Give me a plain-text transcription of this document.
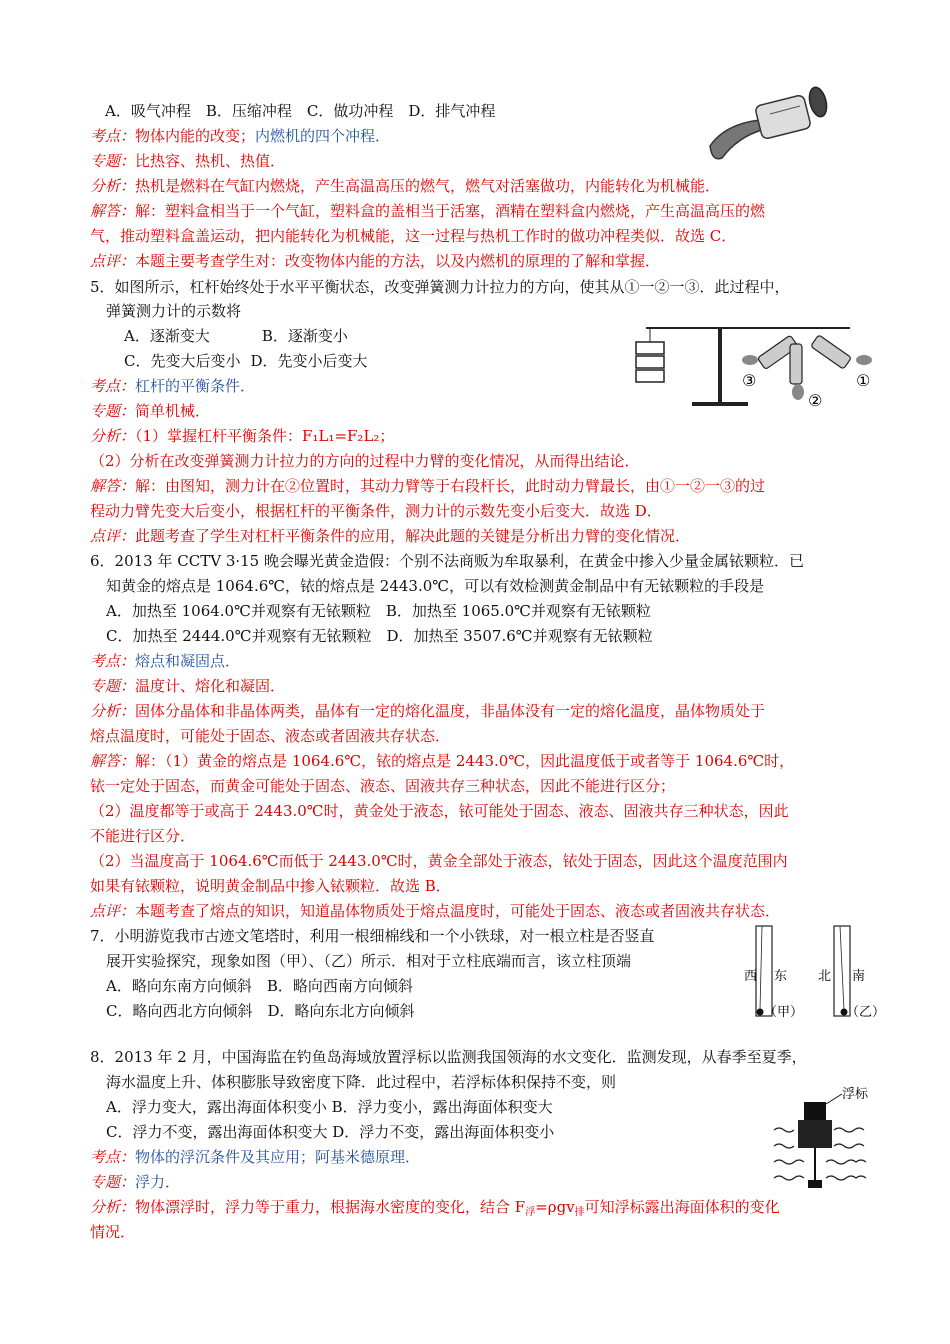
A．吸气冲程　B．压缩冲程　C．做功冲程　D．排气冲程
考点：物体内能的改变；内燃机的四个冲程．
专题：比热容、热机、热值．
分析：热机是燃料在气缸内燃烧，产生高温高压的燃气，燃气对活塞做功，内能转化为机械能．
解答：解：塑料盒相当于一个气缸，塑料盒的盖相当于活塞，酒精在塑料盒内燃烧，产生高温高压的燃
气，推动塑料盒盖运动，把内能转化为机械能，这一过程与热机工作时的做功冲程类似．故选 C．
点评：本题主要考查学生对：改变物体内能的方法，以及内燃机的原理的了解和掌握．
5．如图所示，杠杆始终处于水平平衡状态，改变弹簧测力计拉力的方向，使其从①一②一③．此过程中，
弹簧测力计的示数将
A．逐渐变大	B．逐渐变小
C．先变大后变小 D．先变小后变大
考点：杠杆的平衡条件．
专题：简单机械．
分析：（1）掌握杠杆平衡条件：F₁L₁=F₂L₂；
（2）分析在改变弹簧测力计拉力的方向的过程中力臂的变化情况，从而得出结论．
解答：解：由图知，测力计在②位置时，其动力臂等于右段杆长，此时动力臂最长，由①一②一③的过
程动力臂先变大后变小，根据杠杆的平衡条件，测力计的示数先变小后变大．故选 D．
点评：此题考查了学生对杠杆平衡条件的应用，解决此题的关键是分析出力臂的变化情况．
③
②
①
6．2013 年 CCTV 3·15 晚会曝光黄金造假：个别不法商贩为牟取暴利，在黄金中掺入少量金属铱颗粒．已
知黄金的熔点是 1064.6℃，铱的熔点是 2443.0℃，可以有效检测黄金制品中有无铱颗粒的手段是
A．加热至 1064.0℃并观察有无铱颗粒　B．加热至 1065.0℃并观察有无铱颗粒
C．加热至 2444.0℃并观察有无铱颗粒　D．加热至 3507.6℃并观察有无铱颗粒
考点：熔点和凝固点．
专题：温度计、熔化和凝固．
分析：固体分晶体和非晶体两类，晶体有一定的熔化温度，非晶体没有一定的熔化温度，晶体物质处于
熔点温度时，可能处于固态、液态或者固液共存状态．
解答：解：（1）黄金的熔点是 1064.6℃，铱的熔点是 2443.0℃，因此温度低于或者等于 1064.6℃时，
铱一定处于固态，而黄金可能处于固态、液态、固液共存三种状态，因此不能进行区分；
（2）温度都等于或高于 2443.0℃时，黄金处于液态，铱可能处于固态、液态、固液共存三种状态，因此
不能进行区分．
（2）当温度高于 1064.6℃而低于 2443.0℃时，黄金全部处于液态，铱处于固态，因此这个温度范围内
如果有铱颗粒，说明黄金制品中掺入铱颗粒．故选 B．
点评：本题考查了熔点的知识，知道晶体物质处于熔点温度时，可能处于固态、液态或者固液共存状态．
7．小明游览我市古迹文笔塔时，利用一根细棉线和一个小铁球，对一根立柱是否竖直
展开实验探究，现象如图（甲）、（乙）所示．相对于立柱底端而言，该立柱顶端
A．略向东南方向倾斜　B．略向西南方向倾斜
C．略向西北方向倾斜　D．略向东北方向倾斜
西 东
（甲）
北 南
（乙）
8．2013 年 2 月，中国海监在钓鱼岛海域放置浮标以监测我国领海的水文变化．监测发现，从春季至夏季，
海水温度上升、体积膨胀导致密度下降．此过程中，若浮标体积保持不变，则
A．浮力变大，露出海面体积变小 B．浮力变小，露出海面体积变大
C．浮力不变，露出海面体积变大 D．浮力不变，露出海面体积变小
考点：物体的浮沉条件及其应用；阿基米德原理．
专题：浮力．
分析：物体漂浮时，浮力等于重力，根据海水密度的变化，结合 $F_浮=\rho gv_排$可知浮标露出海面体积的变化
情况．
浮标
